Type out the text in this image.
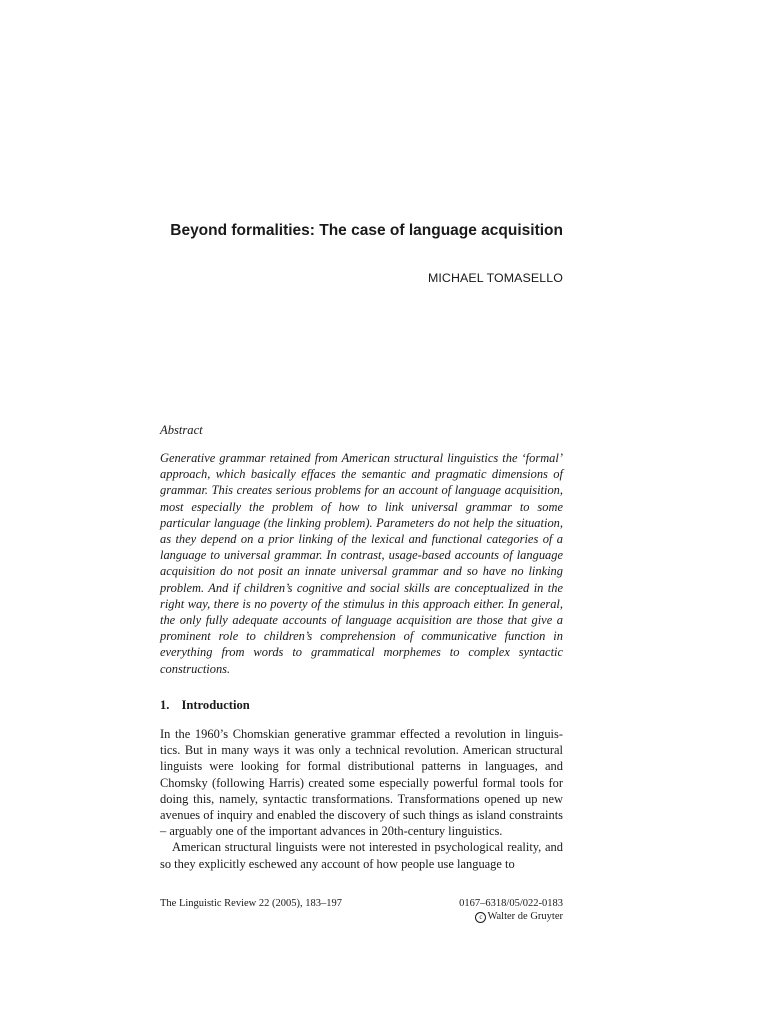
Beyond formalities: The case of language acquisition
MICHAEL TOMASELLO
Abstract

Generative grammar retained from American structural linguistics the ‘formal’ approach, which basically effaces the semantic and pragmatic dimensions of grammar. This creates serious problems for an account of language acquisition, most especially the problem of how to link universal grammar to some particular language (the linking problem). Parameters do not help the situation, as they depend on a prior linking of the lexical and functional categories of a language to universal grammar. In contrast, usage-based accounts of language acquisition do not posit an innate universal grammar and so have no linking problem. And if children’s cognitive and social skills are conceptualized in the right way, there is no poverty of the stimulus in this approach either. In general, the only fully adequate accounts of language acquisition are those that give a prominent role to children’s comprehension of communicative function in everything from words to grammatical morphemes to complex syntactic constructions.

1. Introduction

In the 1960’s Chomskian generative grammar effected a revolution in linguistics. But in many ways it was only a technical revolution. American structural linguists were looking for formal distributional patterns in languages, and Chomsky (following Harris) created some especially powerful formal tools for doing this, namely, syntactic transformations. Transformations opened up new avenues of inquiry and enabled the discovery of such things as island constraints – arguably one of the important advances in 20th-century linguistics.

American structural linguists were not interested in psychological reality, and so they explicitly eschewed any account of how people use language to

The Linguistic Review 22 (2005), 183–197	0167–6318/05/022-0183
c Walter de Gruyter
